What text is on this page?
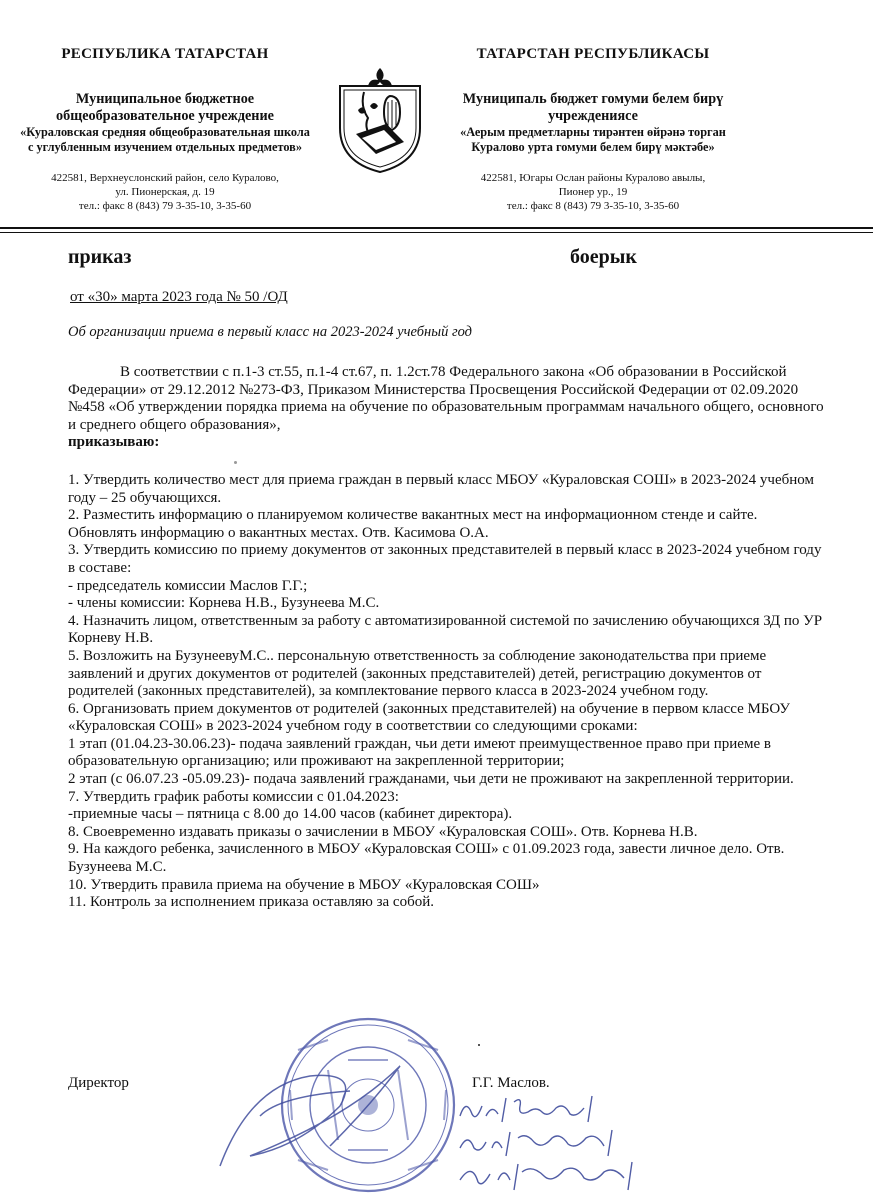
РЕСПУБЛИКА ТАТАРСТАН
Муниципальное бюджетное
общеобразовательное учреждение
«Кураловская средняя общеобразовательная школа
с углубленным изучением отдельных предметов»
422581, Верхнеуслонский район, село Куралово,
ул. Пионерская, д. 19
тел.: факс 8 (843) 79 3-35-10, 3-35-60
ТАТАРСТАН РЕСПУБЛИКАСЫ
Муниципаль бюджет гомуми белем бирү
учреждениясе
«Аерым предметларны тирәнтен өйрәнә торган
Куралово урта гомуми белем бирү мәктәбе»
422581, Югары Ослан районы Куралово авылы,
Пионер ур., 19
тел.: факс 8 (843) 79 3-35-10, 3-35-60
приказ	боерык
от «30» марта 2023 года № 50 /ОД
Об организации приема в первый класс на 2023-2024 учебный год
В соответствии с п.1-3 ст.55, п.1-4 ст.67, п. 1.2ст.78 Федерального закона «Об образовании в Российской Федерации» от 29.12.2012 №273-ФЗ, Приказом Министерства Просвещения Российской Федерации от 02.09.2020 №458 «Об утверждении порядка приема на обучение по образовательным программам начального общего, основного и среднего общего образования»,
приказываю:
1. Утвердить количество мест для приема граждан в первый класс МБОУ «Кураловская СОШ» в 2023-2024 учебном году – 25 обучающихся.
2. Разместить информацию о планируемом количестве вакантных мест на информационном стенде и сайте. Обновлять информацию о вакантных местах. Отв. Касимова О.А.
3. Утвердить комиссию по приему документов от законных представителей в первый класс в 2023-2024 учебном году в составе:
- председатель комиссии Маслов Г.Г.;
- члены комиссии: Корнева Н.В., Бузунеева М.С.
4. Назначить лицом, ответственным за работу с автоматизированной системой по зачислению обучающихся ЗД по УР Корневу Н.В.
5. Возложить на БузунеевуМ.С.. персональную ответственность за соблюдение законодательства при приеме заявлений и других документов от родителей (законных представителей) детей, регистрацию документов от родителей (законных представителей), за комплектование первого класса в 2023-2024 учебном году.
6. Организовать прием документов от родителей (законных представителей) на обучение в первом классе МБОУ «Кураловская СОШ» в 2023-2024 учебном году в соответствии со следующими сроками:
1 этап (01.04.23-30.06.23)- подача заявлений граждан, чьи дети имеют преимущественное право при приеме в образовательную организацию; или проживают на закрепленной территории;
2 этап (с 06.07.23 -05.09.23)- подача заявлений гражданами, чьи дети не проживают на закрепленной территории.
7. Утвердить график работы комиссии с 01.04.2023:
-приемные часы – пятница с 8.00 до 14.00 часов (кабинет директора).
8. Своевременно издавать приказы о зачислении в МБОУ «Кураловская СОШ». Отв. Корнева Н.В.
9. На каждого ребенка, зачисленного в МБОУ «Кураловская СОШ» с 01.09.2023 года, завести личное дело. Отв. Бузунеева М.С.
10. Утвердить правила приема на обучение в МБОУ «Кураловская СОШ»
11. Контроль за исполнением приказа оставляю за собой.
Директор	Г.Г. Маслов.
